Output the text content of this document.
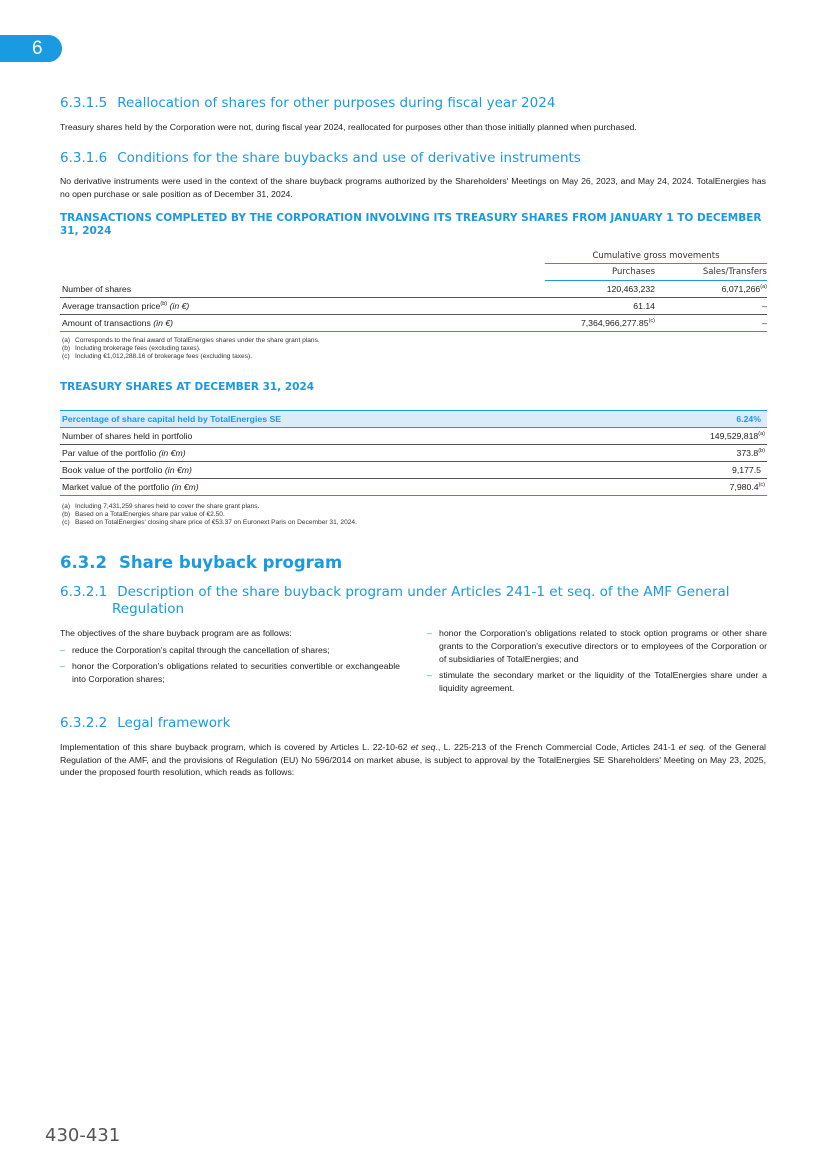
6
6.3.1.5 Reallocation of shares for other purposes during fiscal year 2024

Treasury shares held by the Corporation were not, during fiscal year 2024, reallocated for purposes other than those initially planned when purchased.

6.3.1.6 Conditions for the share buybacks and use of derivative instruments

No derivative instruments were used in the context of the share buyback programs authorized by the Shareholders' Meetings on May 26, 2023, and May 24, 2024. TotalEnergies has no open purchase or sale position as of December 31, 2024.

TRANSACTIONS COMPLETED BY THE CORPORATION INVOLVING ITS TREASURY SHARES FROM JANUARY 1 TO DECEMBER 31, 2024

	Cumulative gross movements	
	Purchases	Sales/Transfers
Number of shares	120,463,232	6,071,266$^{(a)}$
Average transaction price$^{(b)}$ (in €)	61.14	–
Amount of transactions (in €)	7,364,966,277.85$^{(c)}$	–
(a) Corresponds to the final award of TotalEnergies shares under the share grant plans.
(b) Including brokerage fees (excluding taxes).
(c) Including €1,012,288.16 of brokerage fees (excluding taxes).

TREASURY SHARES AT DECEMBER 31, 2024

Percentage of share capital held by TotalEnergies SE	6.24%
Number of shares held in portfolio	149,529,818$^{(a)}$
Par value of the portfolio (in €m)	373.8$^{(b)}$
Book value of the portfolio (in €m)	9,177.5
Market value of the portfolio (in €m)	7,980.4$^{(c)}$
(a) Including 7,431,259 shares held to cover the share grant plans.
(b) Based on a TotalEnergies share par value of €2.50.
(c) Based on TotalEnergies' closing share price of €53.37 on Euronext Paris on December 31, 2024.
6.3.2 Share buyback program
6.3.2.1 Description of the share buyback program under Articles 241-1 et seq. of the AMF General
Regulation

The objectives of the share buyback program are as follows:

– reduce the Corporation's capital through the cancellation of shares;
– honor the Corporation's obligations related to securities convertible or exchangeable into Corporation shares;
– honor the Corporation's obligations related to stock option programs or other share grants to the Corporation's executive directors or to employees of the Corporation or of subsidiaries of TotalEnergies; and
– stimulate the secondary market or the liquidity of the TotalEnergies share under a liquidity agreement.
6.3.2.2 Legal framework

Implementation of this share buyback program, which is covered by Articles L. 22-10-62 et seq., L. 225-213 of the French Commercial Code, Articles 241-1 et seq. of the General Regulation of the AMF, and the provisions of Regulation (EU) No 596/2014 on market abuse, is subject to approval by the TotalEnergies SE Shareholders' Meeting on May 23, 2025, under the proposed fourth resolution, which reads as follows:

430-431
